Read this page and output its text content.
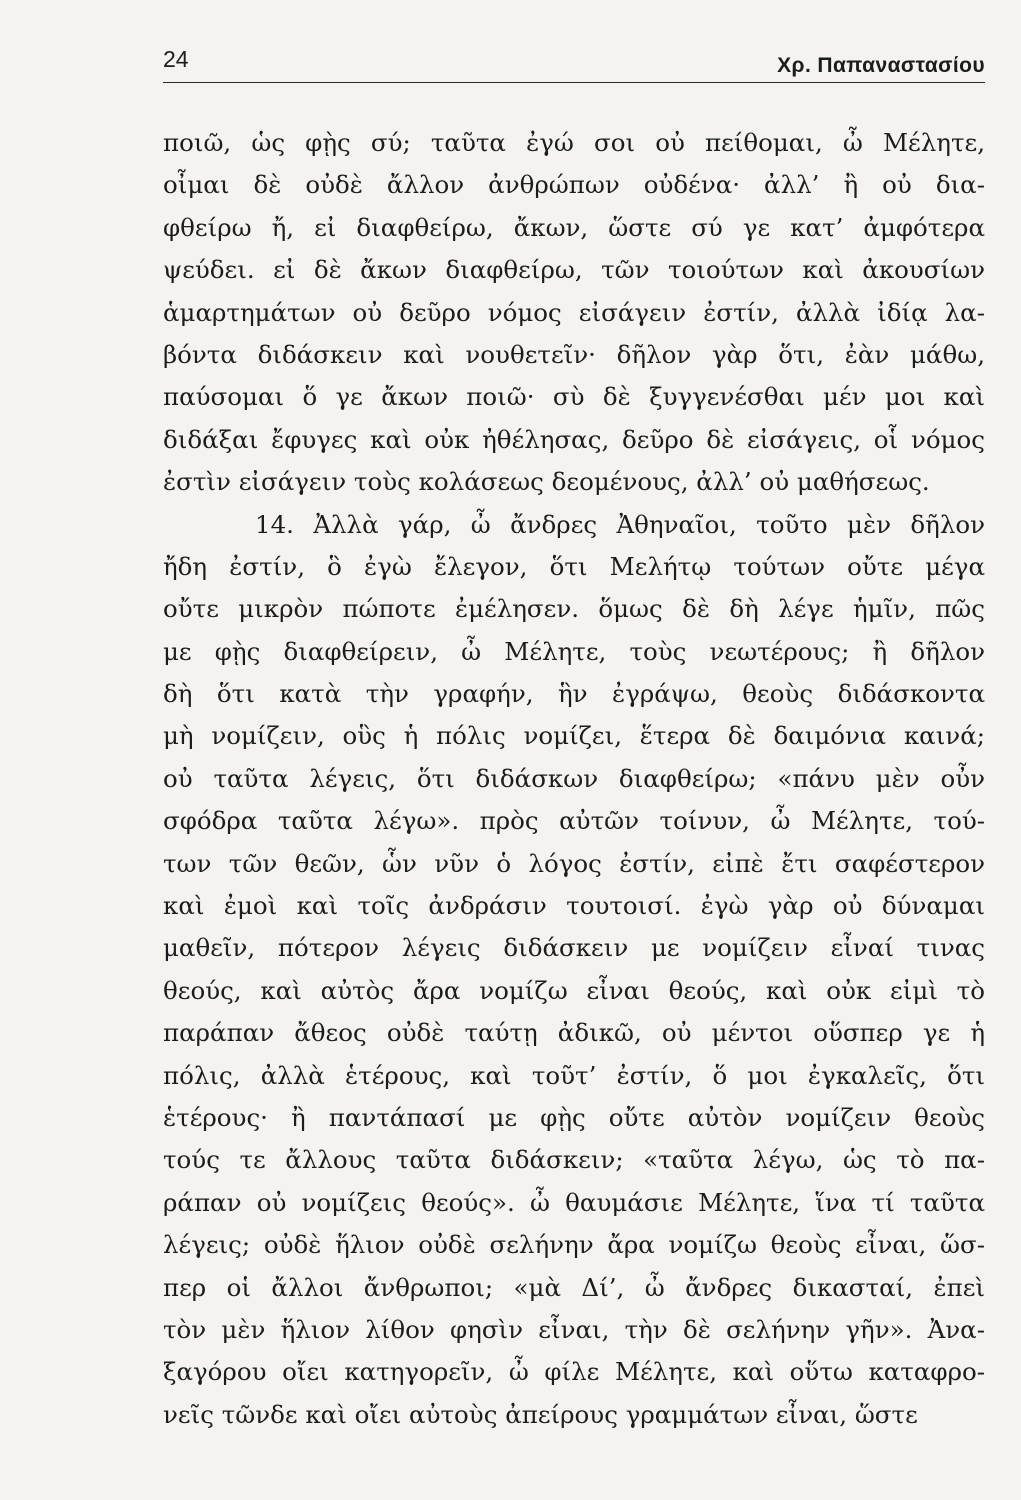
24	Χρ. Παπαναστασίου
ποιῶ, ὡς φῂς σύ; ταῦτα ἐγώ σοι οὐ πείθομαι, ὦ Μέλητε,
οἶμαι δὲ οὐδὲ ἄλλον ἀνθρώπων οὐδένα· ἀλλ’ ἢ οὐ δια-
φθείρω ἤ, εἰ διαφθείρω, ἄκων, ὥστε σύ γε κατ’ ἀμφότερα
ψεύδει. εἰ δὲ ἄκων διαφθείρω, τῶν τοιούτων καὶ ἀκουσίων
ἁμαρτημάτων οὐ δεῦρο νόμος εἰσάγειν ἐστίν, ἀλλὰ ἰδίᾳ λα-
βόντα διδάσκειν καὶ νουθετεῖν· δῆλον γὰρ ὅτι, ἐὰν μάθω,
παύσομαι ὅ γε ἄκων ποιῶ· σὺ δὲ ξυγγενέσθαι μέν μοι καὶ
διδάξαι ἔφυγες καὶ οὐκ ἠθέλησας, δεῦρο δὲ εἰσάγεις, οἷ νόμος
ἐστὶν εἰσάγειν τοὺς κολάσεως δεομένους, ἀλλ’ οὐ μαθήσεως.
14. Ἀλλὰ γάρ, ὦ ἄνδρες Ἀθηναῖοι, τοῦτο μὲν δῆλον
ἤδη ἐστίν, ὃ ἐγὼ ἔλεγον, ὅτι Μελήτῳ τούτων οὔτε μέγα
οὔτε μικρὸν πώποτε ἐμέλησεν. ὅμως δὲ δὴ λέγε ἡμῖν, πῶς
με φῂς διαφθείρειν, ὦ Μέλητε, τοὺς νεωτέρους; ἢ δῆλον
δὴ ὅτι κατὰ τὴν γραφήν, ἣν ἐγράψω, θεοὺς διδάσκοντα
μὴ νομίζειν, οὓς ἡ πόλις νομίζει, ἕτερα δὲ δαιμόνια καινά;
οὐ ταῦτα λέγεις, ὅτι διδάσκων διαφθείρω; «πάνυ μὲν οὖν
σφόδρα ταῦτα λέγω». πρὸς αὐτῶν τοίνυν, ὦ Μέλητε, τού-
των τῶν θεῶν, ὧν νῦν ὁ λόγος ἐστίν, εἰπὲ ἔτι σαφέστερον
καὶ ἐμοὶ καὶ τοῖς ἀνδράσιν τουτοισί. ἐγὼ γὰρ οὐ δύναμαι
μαθεῖν, πότερον λέγεις διδάσκειν με νομίζειν εἶναί τινας
θεούς, καὶ αὐτὸς ἄρα νομίζω εἶναι θεούς, καὶ οὐκ εἰμὶ τὸ
παράπαν ἄθεος οὐδὲ ταύτῃ ἀδικῶ, οὐ μέντοι οὕσπερ γε ἡ
πόλις, ἀλλὰ ἑτέρους, καὶ τοῦτ’ ἐστίν, ὅ μοι ἐγκαλεῖς, ὅτι
ἑτέρους· ἢ παντάπασί με φῂς οὔτε αὐτὸν νομίζειν θεοὺς
τούς τε ἄλλους ταῦτα διδάσκειν; «ταῦτα λέγω, ὡς τὸ πα-
ράπαν οὐ νομίζεις θεούς». ὦ θαυμάσιε Μέλητε, ἵνα τί ταῦτα
λέγεις; οὐδὲ ἥλιον οὐδὲ σελήνην ἄρα νομίζω θεοὺς εἶναι, ὥσ-
περ οἱ ἄλλοι ἄνθρωποι; «μὰ Δί’, ὦ ἄνδρες δικασταί, ἐπεὶ
τὸν μὲν ἥλιον λίθον φησὶν εἶναι, τὴν δὲ σελήνην γῆν». Ἀνα-
ξαγόρου οἴει κατηγορεῖν, ὦ φίλε Μέλητε, καὶ οὕτω καταφρο-
νεῖς τῶνδε καὶ οἴει αὐτοὺς ἀπείρους γραμμάτων εἶναι, ὥστε
